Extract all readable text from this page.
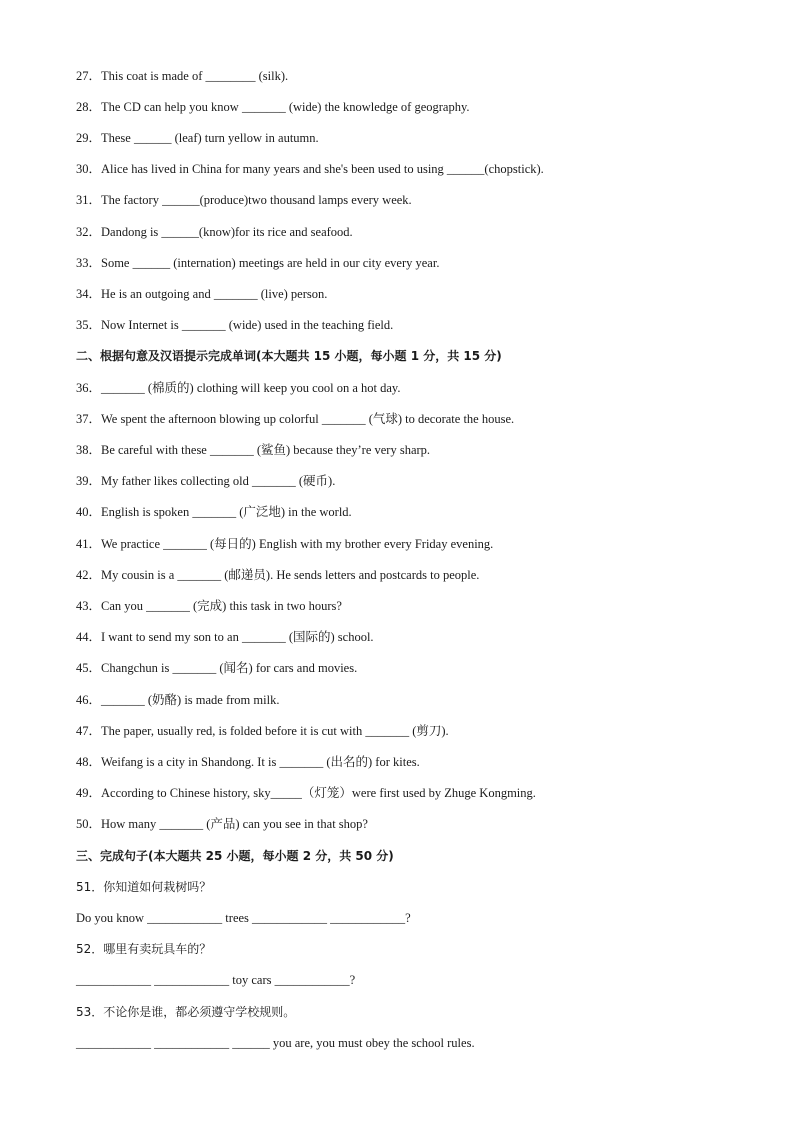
27．This coat is made of ________ (silk).
28．The CD can help you know _______ (wide) the knowledge of geography.
29．These ______ (leaf) turn yellow in autumn.
30．Alice has lived in China for many years and she's been used to using ______(chopstick).
31．The factory ______(produce)two thousand lamps every week.
32．Dandong is ______(know)for its rice and seafood.
33．Some ______ (internation) meetings are held in our city every year.
34．He is an outgoing and _______ (live) person.
35．Now Internet is _______ (wide) used in the teaching field.
二、根据句意及汉语提示完成单词(本大题共 15 小题，每小题 1 分，共 15 分)
36．_______ (棉质的) clothing will keep you cool on a hot day.
37．We spent the afternoon blowing up colorful _______ (气球) to decorate the house.
38．Be careful with these _______ (鲨鱼) because they’re very sharp.
39．My father likes collecting old _______ (硬币).
40．English is spoken _______ (广泛地) in the world.
41．We practice _______ (每日的) English with my brother every Friday evening.
42．My cousin is a _______ (邮递员). He sends letters and postcards to people.
43．Can you _______ (完成) this task in two hours?
44．I want to send my son to an _______ (国际的) school.
45．Changchun is _______ (闻名) for cars and movies.
46．_______ (奶酪) is made from milk.
47．The paper, usually red, is folded before it is cut with _______ (剪刀).
48．Weifang is a city in Shandong. It is _______ (出名的) for kites.
49．According to Chinese history, sky_____（灯笼）were first used by Zhuge Kongming.
50．How many _______ (产品) can you see in that shop?
三、完成句子(本大题共 25 小题，每小题 2 分，共 50 分)
51．你知道如何栽树吗？
Do you know ____________ trees ____________ ____________?
52．哪里有卖玩具车的？
____________ ____________ toy cars ____________?
53．不论你是谁，都必须遵守学校规则。
____________ ____________ ______ you are, you must obey the school rules.
